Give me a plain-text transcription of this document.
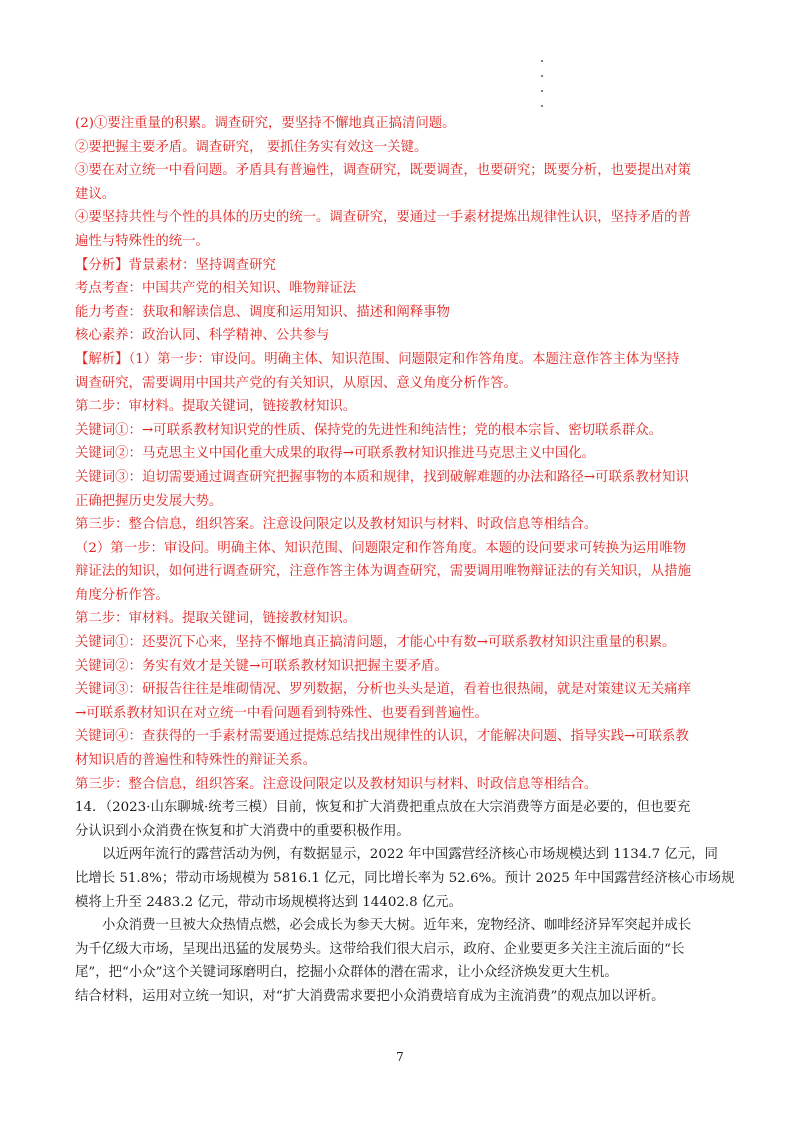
(2)①要注重量的积累。调查研究，要坚持不懈地真正搞清问题。

②要把握主要矛盾。调查研究， 要抓住务实有效这一关键。

③要在对立统一中看问题。矛盾具有普遍性，调查研究，既要调查，也要研究；既要分析，也要提出对策

建议。

④要坚持共性与个性的具体的历史的统一。调查研究，要通过一手素材提炼出规律性认识，坚持矛盾的普

遍性与特殊性的统一。

【分析】背景素材：坚持调查研究

考点考查：中国共产党的相关知识、唯物辩证法

能力考查：获取和解读信息、调度和运用知识、描述和阐释事物

核心素养：政治认同、科学精神、公共参与

【解析】（1）第一步：审设问。明确主体、知识范围、问题限定和作答角度。本题注意作答主体为坚持

调查研究，需要调用中国共产党的有关知识，从原因、意义角度分析作答。

第二步：审材料。提取关键词，链接教材知识。

关键词①：→可联系教材知识党的性质、保持党的先进性和纯洁性；党的根本宗旨、密切联系群众。

关键词②：马克思主义中国化重大成果的取得→可联系教材知识推进马克思主义中国化。

关键词③：迫切需要通过调查研究把握事物的本质和规律，找到破解难题的办法和路径→可联系教材知识

正确把握历史发展大势。

第三步：整合信息，组织答案。注意设问限定以及教材知识与材料、时政信息等相结合。

（2）第一步：审设问。明确主体、知识范围、问题限定和作答角度。本题的设问要求可转换为运用唯物

辩证法的知识，如何进行调查研究，注意作答主体为调查研究，需要调用唯物辩证法的有关知识，从措施

角度分析作答。

第二步：审材料。提取关键词，链接教材知识。

关键词①：还要沉下心来，坚持不懈地真正搞清问题，才能心中有数→可联系教材知识注重量的积累。

关键词②：务实有效才是关键→可联系教材知识把握主要矛盾。

关键词③：研报告往往是堆砌情况、罗列数据，分析也头头是道，看着也很热闹，就是对策建议无关痛痒

→可联系教材知识在对立统一中看问题看到特殊性、也要看到普遍性。

关键词④：查获得的一手素材需要通过提炼总结找出规律性的认识，才能解决问题、指导实践→可联系教

材知识盾的普遍性和特殊性的辩证关系。

第三步：整合信息，组织答案。注意设问限定以及教材知识与材料、时政信息等相结合。

14．（2023·山东聊城·统考三模）目前，恢复和扩大消费把重点放在大宗消费等方面是必要的，但也要充

分认识到小众消费在恢复和扩大消费中的重要积极作用。

以近两年流行的露营活动为例，有数据显示，2022 年中国露营经济核心市场规模达到 1134.7 亿元，同

比增长 51.8%；带动市场规模为 5816.1 亿元，同比增长率为 52.6%。预计 2025 年中国露营经济核心市场规

模将上升至 2483.2 亿元，带动市场规模将达到 14402.8 亿元。

小众消费一旦被大众热情点燃，必会成长为参天大树。近年来，宠物经济、咖啡经济异军突起并成长

为千亿级大市场，呈现出迅猛的发展势头。这带给我们很大启示，政府、企业要更多关注主流后面的“长

尾”，把“小众”这个关键词琢磨明白，挖掘小众群体的潜在需求，让小众经济焕发更大生机。

结合材料，运用对立统一知识，对“扩大消费需求要把小众消费培育成为主流消费”的观点加以评析。

7
